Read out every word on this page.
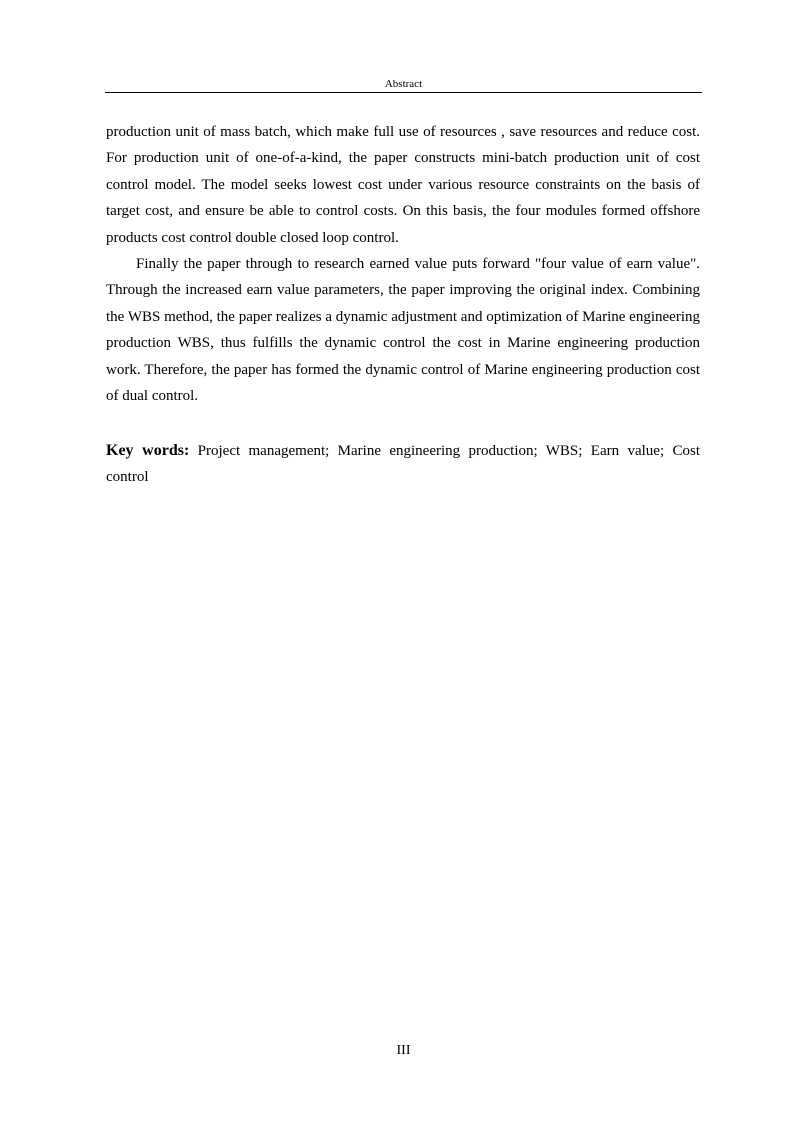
Abstract

production unit of mass batch, which make full use of resources , save resources and reduce cost. For production unit of one-of-a-kind, the paper constructs mini-batch production unit of cost control model. The model seeks lowest cost under various resource constraints on the basis of target cost, and ensure be able to control costs. On this basis, the four modules formed offshore products cost control double closed loop control.

Finally the paper through to research earned value puts forward "four value of earn value". Through the increased earn value parameters, the paper improving the original index. Combining the WBS method, the paper realizes a dynamic adjustment and optimization of Marine engineering production WBS, thus fulfills the dynamic control the cost in Marine engineering production work. Therefore, the paper has formed the dynamic control of Marine engineering production cost of dual control.

Key words: Project management; Marine engineering production; WBS; Earn value; Cost control

III
